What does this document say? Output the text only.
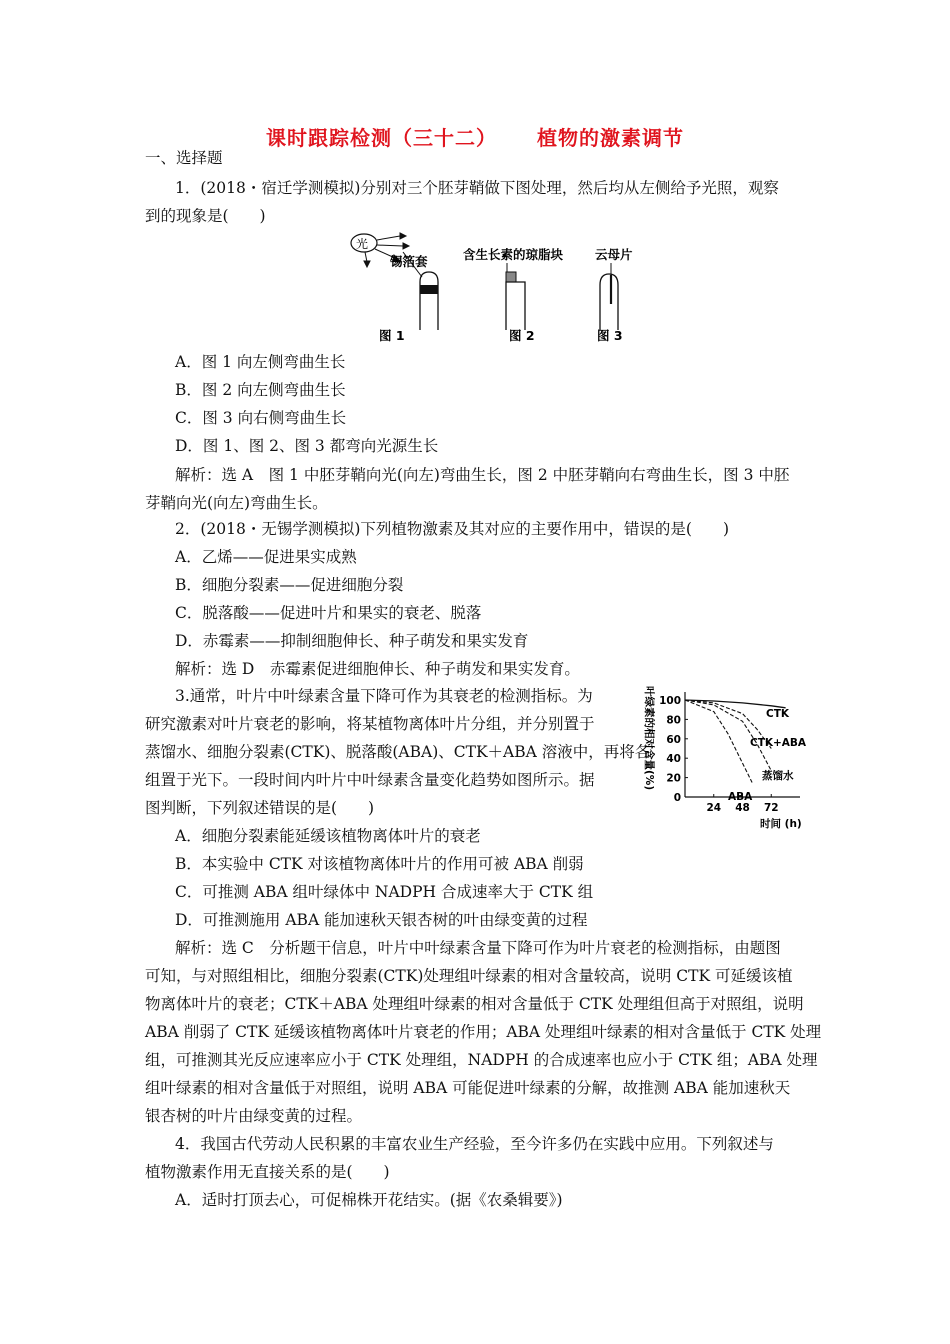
课时跟踪检测（三十二） 植物的激素调节
一、选择题
1．(2018・宿迁学测模拟)分别对三个胚芽鞘做下图处理，然后均从左侧给予光照，观察
到的现象是(　　)
光
锡箔套	含生长素的琼脂块	云母片
图 1	图 2	图 3
A．图 1 向左侧弯曲生长
B．图 2 向左侧弯曲生长
C．图 3 向右侧弯曲生长
D．图 1、图 2、图 3 都弯向光源生长
解析：选 A　图 1 中胚芽鞘向光(向左)弯曲生长，图 2 中胚芽鞘向右弯曲生长，图 3 中胚
芽鞘向光(向左)弯曲生长。
2．(2018・无锡学测模拟)下列植物激素及其对应的主要作用中，错误的是(　　)
A．乙烯——促进果实成熟
B．细胞分裂素——促进细胞分裂
C．脱落酸——促进叶片和果实的衰老、脱落
D．赤霉素——抑制细胞伸长、种子萌发和果实发育
解析：选 D　赤霉素促进细胞伸长、种子萌发和果实发育。
3.通常，叶片中叶绿素含量下降可作为其衰老的检测指标。为
研究激素对叶片衰老的影响，将某植物离体叶片分组，并分别置于
蒸馏水、细胞分裂素(CTK)、脱落酸(ABA)、CTK＋ABA 溶液中，再将各
组置于光下。一段时间内叶片中叶绿素含量变化趋势如图所示。据
图判断，下列叙述错误的是(　　)
叶绿素的相对含量(%) 100
80
60
40
20
0
24 48 72
CTK
CTK+ABA
蒸馏水
ABA
时间 (h)
A．细胞分裂素能延缓该植物离体叶片的衰老
B．本实验中 CTK 对该植物离体叶片的作用可被 ABA 削弱
C．可推测 ABA 组叶绿体中 NADPH 合成速率大于 CTK 组
D．可推测施用 ABA 能加速秋天银杏树的叶由绿变黄的过程
解析：选 C　分析题干信息，叶片中叶绿素含量下降可作为叶片衰老的检测指标，由题图
可知，与对照组相比，细胞分裂素(CTK)处理组叶绿素的相对含量较高，说明 CTK 可延缓该植
物离体叶片的衰老；CTK＋ABA 处理组叶绿素的相对含量低于 CTK 处理组但高于对照组，说明
ABA 削弱了 CTK 延缓该植物离体叶片衰老的作用；ABA 处理组叶绿素的相对含量低于 CTK 处理
组，可推测其光反应速率应小于 CTK 处理组，NADPH 的合成速率也应小于 CTK 组；ABA 处理
组叶绿素的相对含量低于对照组，说明 ABA 可能促进叶绿素的分解，故推测 ABA 能加速秋天
银杏树的叶片由绿变黄的过程。
4．我国古代劳动人民积累的丰富农业生产经验，至今许多仍在实践中应用。下列叙述与
植物激素作用无直接关系的是(　　)
A．适时打顶去心，可促棉株开花结实。(据《农桑辑要》)
